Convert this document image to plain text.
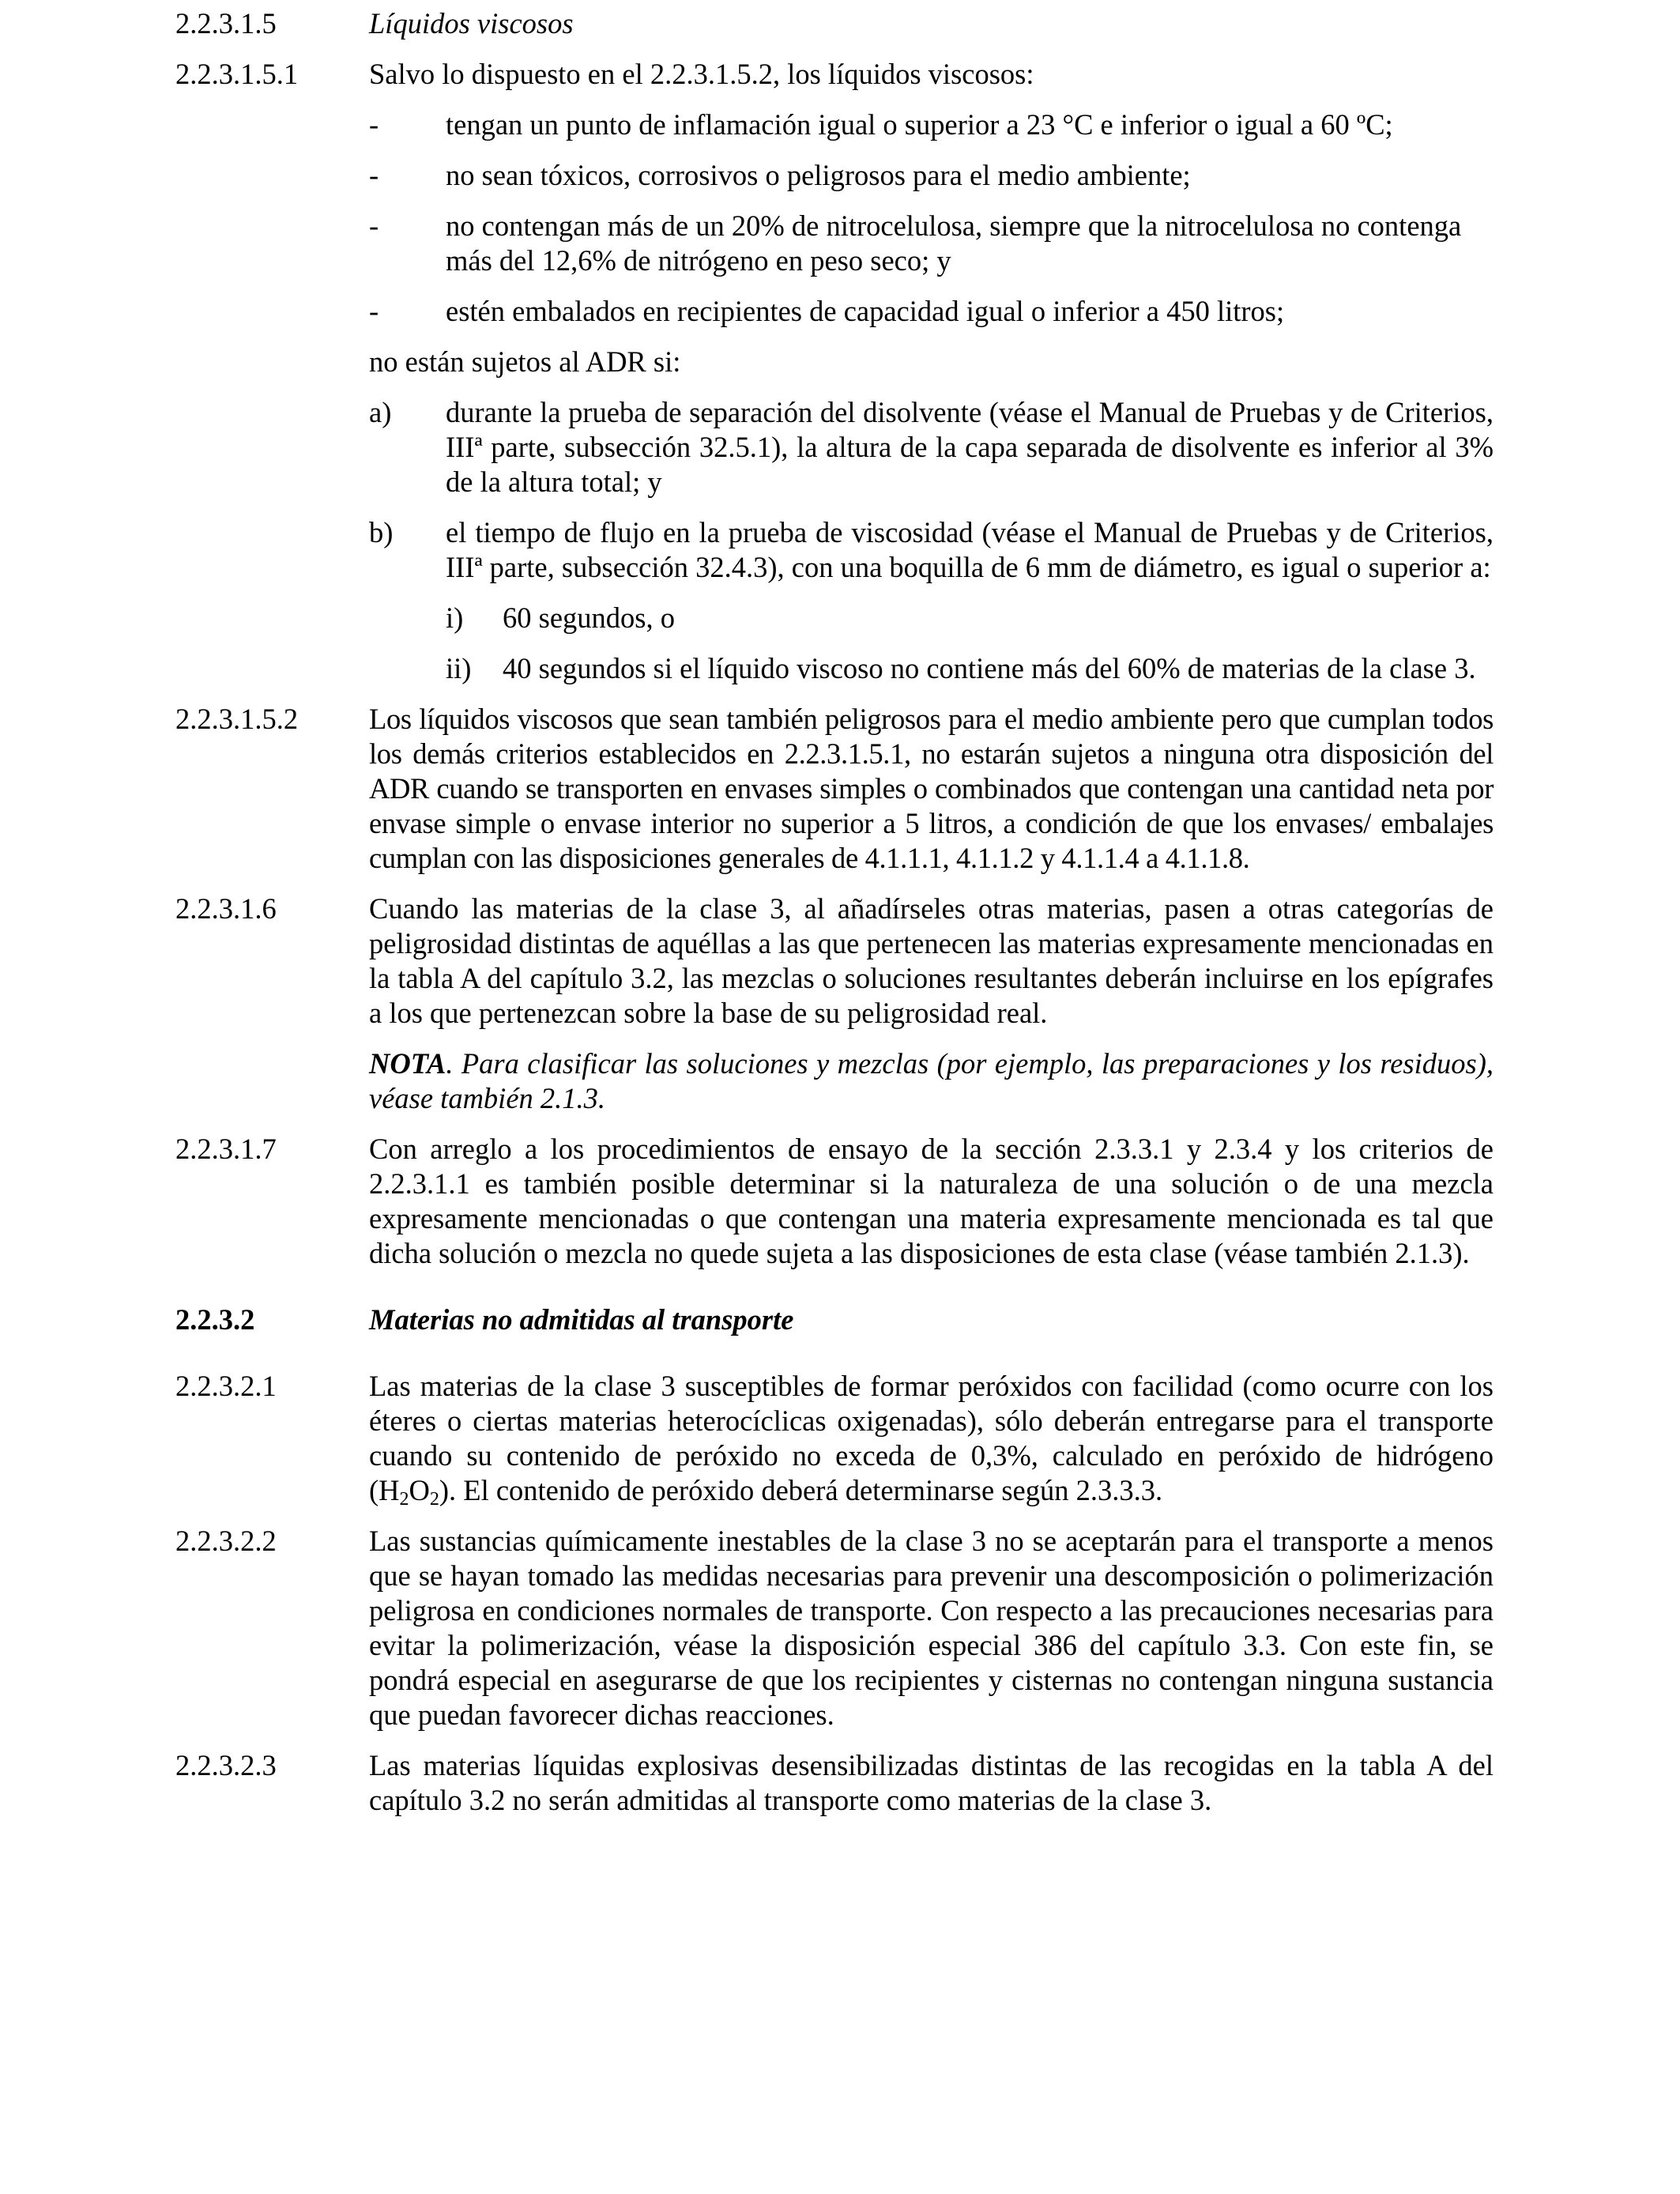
2.2.3.1.5	Líquidos viscosos

2.2.3.1.5.1 Salvo lo dispuesto en el 2.2.3.1.5.2, los líquidos viscosos:

- tengan un punto de inflamación igual o superior a 23 °C e inferior o igual a 60 ºC;

- no sean tóxicos, corrosivos o peligrosos para el medio ambiente;

- no contengan más de un 20% de nitrocelulosa, siempre que la nitrocelulosa no contenga más del 12,6% de nitrógeno en peso seco; y

- estén embalados en recipientes de capacidad igual o inferior a 450 litros;

no están sujetos al ADR si:

a) durante la prueba de separación del disolvente (véase el Manual de Pruebas y de Criterios, IIIª parte, subsección 32.5.1), la altura de la capa separada de disolvente es inferior al 3% de la altura total; y

b) el tiempo de flujo en la prueba de viscosidad (véase el Manual de Pruebas y de Criterios, IIIª parte, subsección 32.4.3), con una boquilla de 6 mm de diámetro, es igual o superior a:

i) 60 segundos, o

ii) 40 segundos si el líquido viscoso no contiene más del 60% de materias de la clase 3.

2.2.3.1.5.2 Los líquidos viscosos que sean también peligrosos para el medio ambiente pero que cumplan todos los demás criterios establecidos en 2.2.3.1.5.1, no estarán sujetos a ninguna otra disposición del ADR cuando se transporten en envases simples o combinados que contengan una cantidad neta por envase simple o envase interior no superior a 5 litros, a condición de que los envases/ embalajes cumplan con las disposiciones generales de 4.1.1.1, 4.1.1.2 y 4.1.1.4 a 4.1.1.8.

2.2.3.1.6	Cuando las materias de la clase 3, al añadírseles otras materias, pasen a otras categorías de peligrosidad distintas de aquéllas a las que pertenecen las materias expresamente mencionadas en la tabla A del capítulo 3.2, las mezclas o soluciones resultantes deberán incluirse en los epígrafes a los que pertenezcan sobre la base de su peligrosidad real.

NOTA. Para clasificar las soluciones y mezclas (por ejemplo, las preparaciones y los residuos), véase también 2.1.3.

2.2.3.1.7	Con arreglo a los procedimientos de ensayo de la sección 2.3.3.1 y 2.3.4 y los criterios de 2.2.3.1.1 es también posible determinar si la naturaleza de una solución o de una mezcla expresamente mencionadas o que contengan una materia expresamente mencionada es tal que dicha solución o mezcla no quede sujeta a las disposiciones de esta clase (véase también 2.1.3).

2.2.3.2	Materias no admitidas al transporte

2.2.3.2.1	Las materias de la clase 3 susceptibles de formar peróxidos con facilidad (como ocurre con los éteres o ciertas materias heterocíclicas oxigenadas), sólo deberán entregarse para el transporte cuando su contenido de peróxido no exceda de 0,3%, calculado en peróxido de hidrógeno $(H_2O_2)$. El contenido de peróxido deberá determinarse según 2.3.3.3.

2.2.3.2.2	Las sustancias químicamente inestables de la clase 3 no se aceptarán para el transporte a menos que se hayan tomado las medidas necesarias para prevenir una descomposición o polimerización peligrosa en condiciones normales de transporte. Con respecto a las precauciones necesarias para evitar la polimerización, véase la disposición especial 386 del capítulo 3.3. Con este fin, se pondrá especial en asegurarse de que los recipientes y cisternas no contengan ninguna sustancia que puedan favorecer dichas reacciones.

2.2.3.2.3	Las materias líquidas explosivas desensibilizadas distintas de las recogidas en la tabla A del capítulo 3.2 no serán admitidas al transporte como materias de la clase 3.
